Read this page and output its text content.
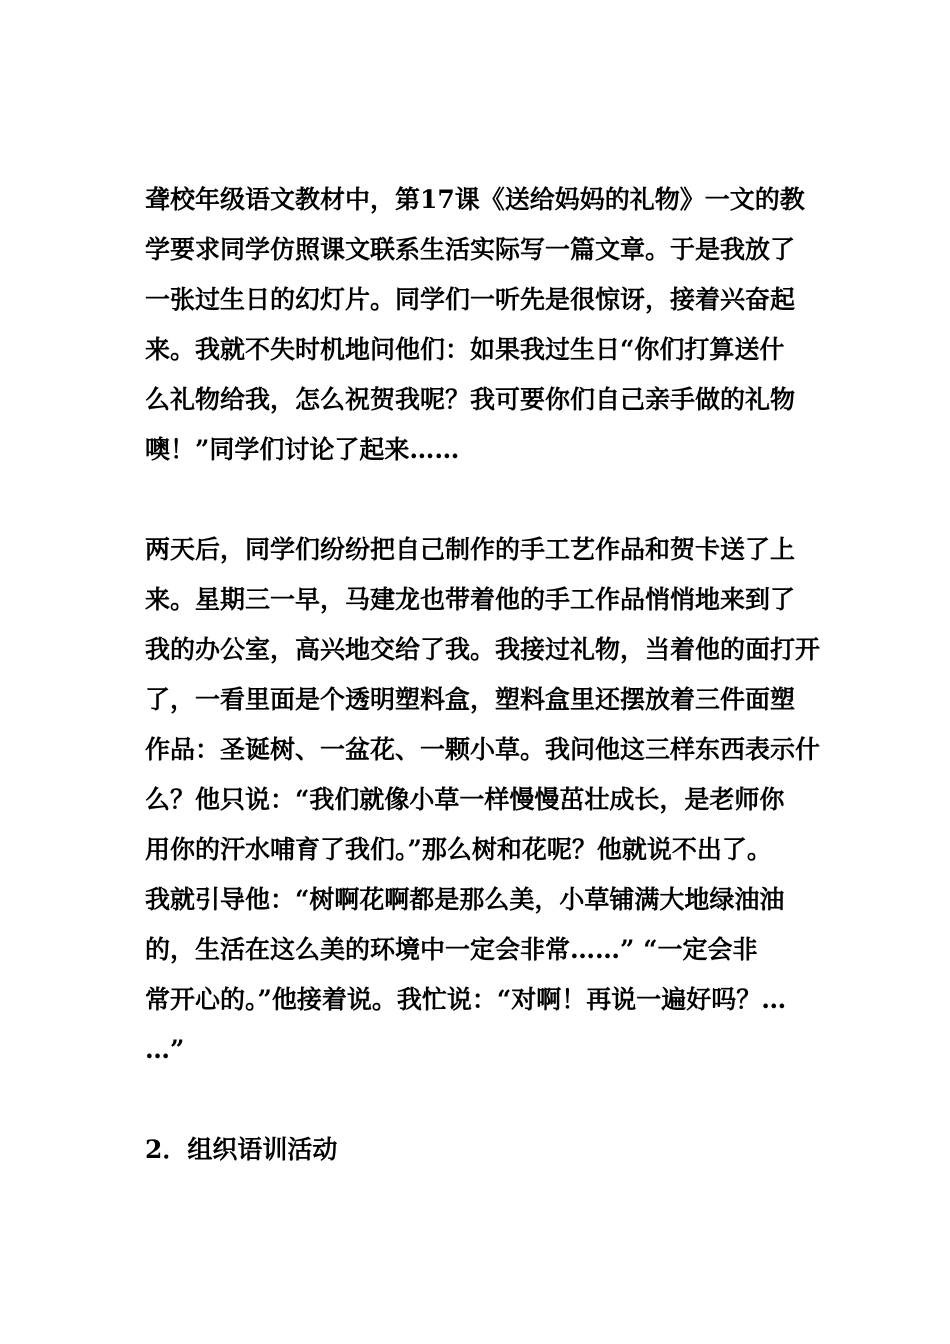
聋校年级语文教材中，第17课《送给妈妈的礼物》一文的教
学要求同学仿照课文联系生活实际写一篇文章。于是我放了
一张过生日的幻灯片。同学们一听先是很惊讶，接着兴奋起
来。我就不失时机地问他们：如果我过生日“你们打算送什
么礼物给我，怎么祝贺我呢？我可要你们自己亲手做的礼物
噢！”同学们讨论了起来……
两天后，同学们纷纷把自己制作的手工艺作品和贺卡送了上
来。星期三一早，马建龙也带着他的手工作品悄悄地来到了
我的办公室，高兴地交给了我。我接过礼物，当着他的面打开
了，一看里面是个透明塑料盒，塑料盒里还摆放着三件面塑
作品：圣诞树、一盆花、一颗小草。我问他这三样东西表示什
么？他只说：“我们就像小草一样慢慢茁壮成长，是老师你
用你的汗水哺育了我们。”那么树和花呢？他就说不出了。
我就引导他：“树啊花啊都是那么美，小草铺满大地绿油油
的，生活在这么美的环境中一定会非常……” “一定会非
常开心的。”他接着说。我忙说：“对啊！再说一遍好吗？…
…”
2．组织语训活动
